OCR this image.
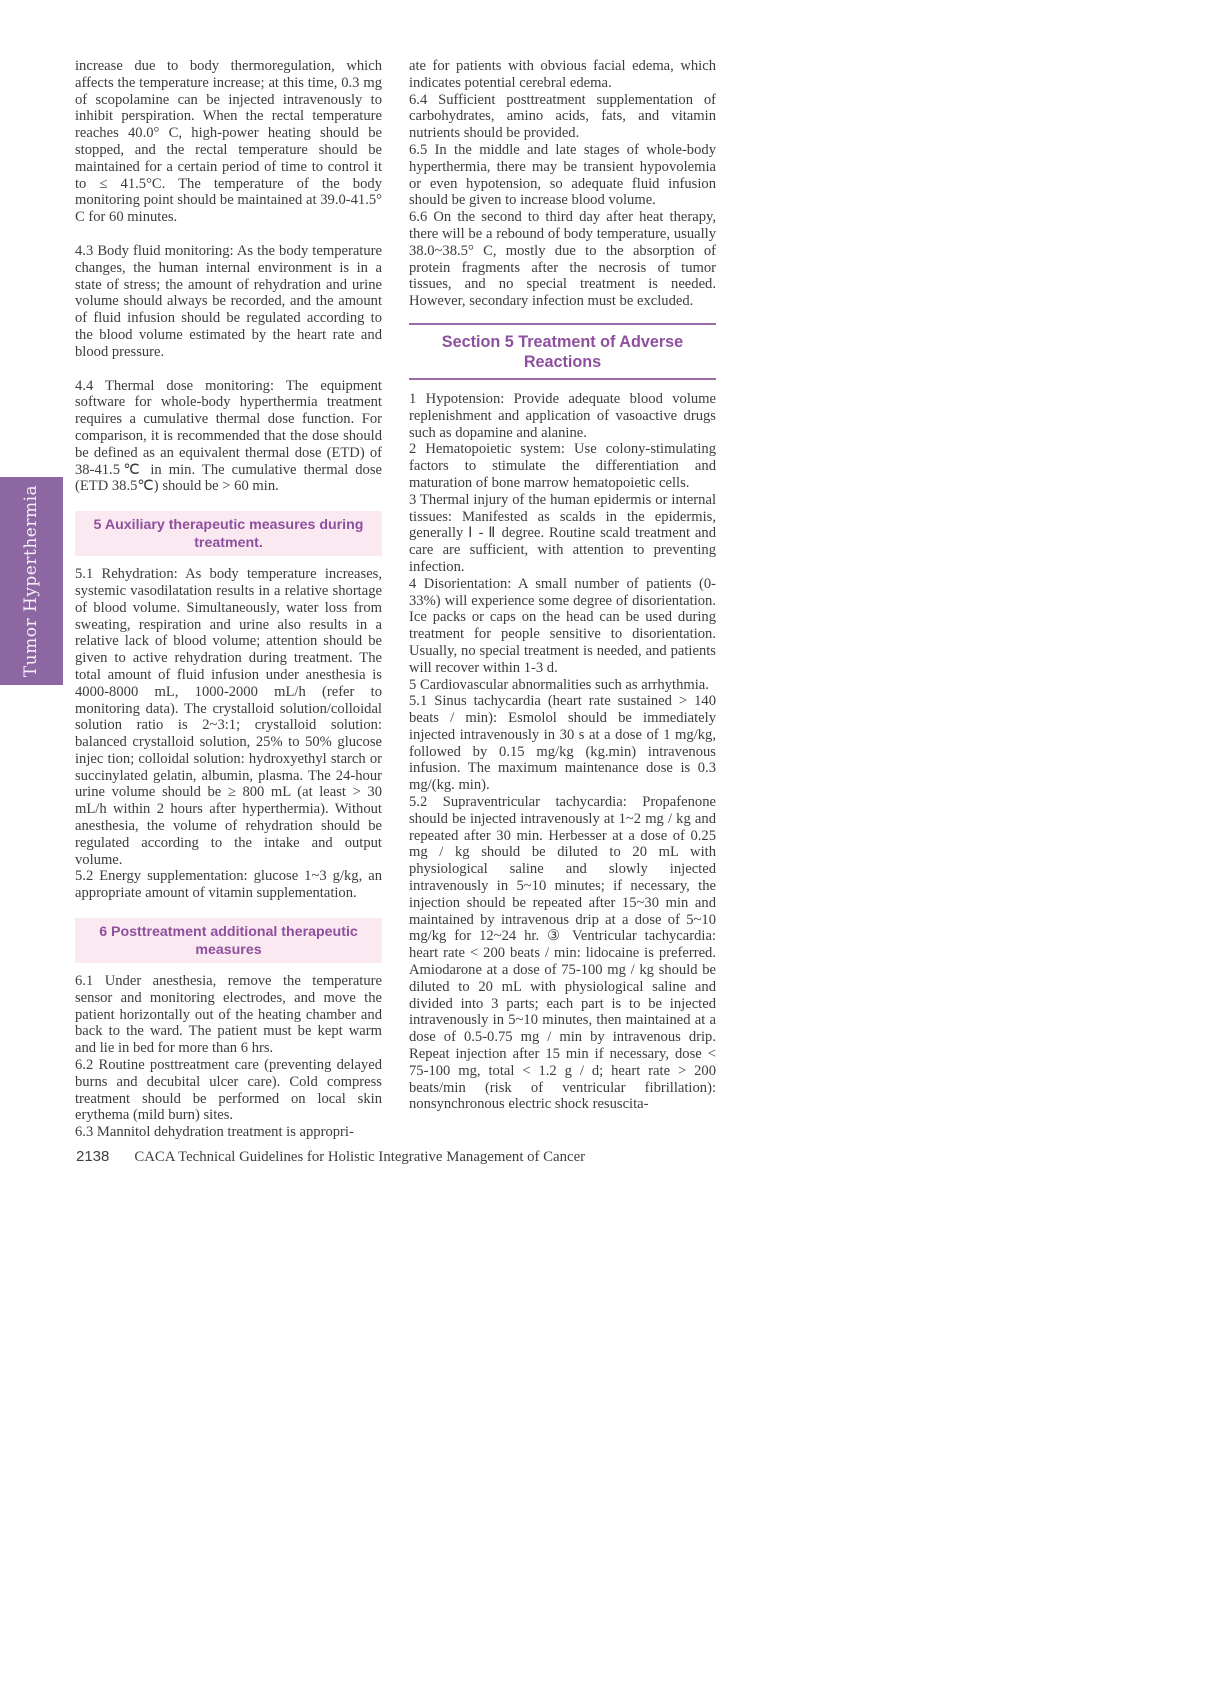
Tumor Hyperthermia

increase due to body thermoregulation, which affects the temperature increase; at this time, 0.3 mg of scopolamine can be injected intravenously to inhibit perspiration. When the rectal temperature reaches 40.0° C, high-power heating should be stopped, and the rectal temperature should be maintained for a certain period of time to control it to ≤ 41.5°C. The temperature of the body monitoring point should be maintained at 39.0-41.5° C for 60 minutes.

4.3 Body fluid monitoring: As the body temperature changes, the human internal environment is in a state of stress; the amount of rehydration and urine volume should always be recorded, and the amount of fluid infusion should be regulated according to the blood volume estimated by the heart rate and blood pressure.

4.4 Thermal dose monitoring: The equipment software for whole-body hyperthermia treatment requires a cumulative thermal dose function. For comparison, it is recommended that the dose should be defined as an equivalent thermal dose (ETD) of 38-41.5℃ in min. The cumulative thermal dose (ETD 38.5℃) should be > 60 min.

5 Auxiliary therapeutic measures during treatment.

5.1 Rehydration: As body temperature increases, systemic vasodilatation results in a relative shortage of blood volume. Simultaneously, water loss from sweating, respiration and urine also results in a relative lack of blood volume; attention should be given to active rehydration during treatment. The total amount of fluid infusion under anesthesia is 4000-8000 mL, 1000-2000 mL/h (refer to monitoring data). The crystalloid solution/colloidal solution ratio is 2~3:1; crystalloid solution: balanced crystalloid solution, 25% to 50% glucose injec tion; colloidal solution: hydroxyethyl starch or succinylated gelatin, albumin, plasma. The 24-hour urine volume should be ≥ 800 mL (at least > 30 mL/h within 2 hours after hyperthermia). Without anesthesia, the volume of rehydration should be regulated according to the intake and output volume.

5.2 Energy supplementation: glucose 1~3 g/kg, an appropriate amount of vitamin supplementation.

6 Posttreatment additional therapeutic measures

6.1 Under anesthesia, remove the temperature sensor and monitoring electrodes, and move the patient horizontally out of the heating chamber and back to the ward. The patient must be kept warm and lie in bed for more than 6 hrs.

6.2 Routine posttreatment care (preventing delayed burns and decubital ulcer care). Cold compress treatment should be performed on local skin erythema (mild burn) sites.

6.3 Mannitol dehydration treatment is appropri-

ate for patients with obvious facial edema, which indicates potential cerebral edema.

6.4 Sufficient posttreatment supplementation of carbohydrates, amino acids, fats, and vitamin nutrients should be provided.

6.5 In the middle and late stages of whole-body hyperthermia, there may be transient hypovolemia or even hypotension, so adequate fluid infusion should be given to increase blood volume.

6.6 On the second to third day after heat therapy, there will be a rebound of body temperature, usually 38.0~38.5° C, mostly due to the absorption of protein fragments after the necrosis of tumor tissues, and no special treatment is needed. However, secondary infection must be excluded.

Section 5 Treatment of Adverse Reactions

1 Hypotension: Provide adequate blood volume replenishment and application of vasoactive drugs such as dopamine and alanine.

2 Hematopoietic system: Use colony-stimulating factors to stimulate the differentiation and maturation of bone marrow hematopoietic cells.

3 Thermal injury of the human epidermis or internal tissues: Manifested as scalds in the epidermis, generally Ⅰ - Ⅱ degree. Routine scald treatment and care are sufficient, with attention to preventing infection.

4 Disorientation: A small number of patients (0-33%) will experience some degree of disorientation. Ice packs or caps on the head can be used during treatment for people sensitive to disorientation. Usually, no special treatment is needed, and patients will recover within 1-3 d.

5 Cardiovascular abnormalities such as arrhythmia.

5.1 Sinus tachycardia (heart rate sustained > 140 beats / min): Esmolol should be immediately injected intravenously in 30 s at a dose of 1 mg/kg, followed by 0.15 mg/kg (kg.min) intravenous infusion. The maximum maintenance dose is 0.3 mg/(kg. min).

5.2 Supraventricular tachycardia: Propafenone should be injected intravenously at 1~2 mg / kg and repeated after 30 min. Herbesser at a dose of 0.25 mg / kg should be diluted to 20 mL with physiological saline and slowly injected intravenously in 5~10 minutes; if necessary, the injection should be repeated after 15~30 min and maintained by intravenous drip at a dose of 5~10 mg/kg for 12~24 hr. ③ Ventricular tachycardia: heart rate < 200 beats / min: lidocaine is preferred. Amiodarone at a dose of 75-100 mg / kg should be diluted to 20 mL with physiological saline and divided into 3 parts; each part is to be injected intravenously in 5~10 minutes, then maintained at a dose of 0.5-0.75 mg / min by intravenous drip. Repeat injection after 15 min if necessary, dose < 75-100 mg, total < 1.2 g / d; heart rate > 200 beats/min (risk of ventricular fibrillation): nonsynchronous electric shock resuscita-

2138 CACA Technical Guidelines for Holistic Integrative Management of Cancer
